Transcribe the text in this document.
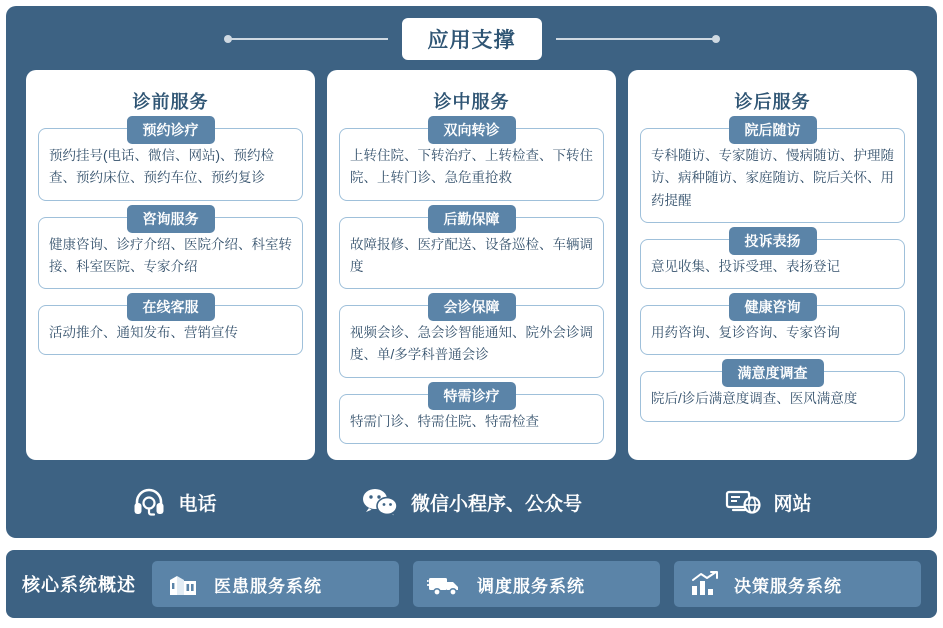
应用支撑
诊前服务
预约诊疗
预约挂号(电话、微信、网站)、预约检查、预约床位、预约车位、预约复诊
咨询服务
健康咨询、诊疗介绍、医院介绍、科室转接、科室医院、专家介绍
在线客服
活动推介、通知发布、营销宣传
诊中服务
双向转诊
上转住院、下转治疗、上转检查、下转住院、上转门诊、急危重抢救
后勤保障
故障报修、医疗配送、设备巡检、车辆调度
会诊保障
视频会诊、急会诊智能通知、院外会诊调度、单/多学科普通会诊
特需诊疗
特需门诊、特需住院、特需检查
诊后服务
院后随访
专科随访、专家随访、慢病随访、护理随访、病种随访、家庭随访、院后关怀、用药提醒
投诉表扬
意见收集、投诉受理、表扬登记
健康咨询
用药咨询、复诊咨询、专家咨询
满意度调查
院后/诊后满意度调查、医风满意度
电话	微信小程序、公众号	网站
核心系统概述	医患服务系统	调度服务系统	决策服务系统
